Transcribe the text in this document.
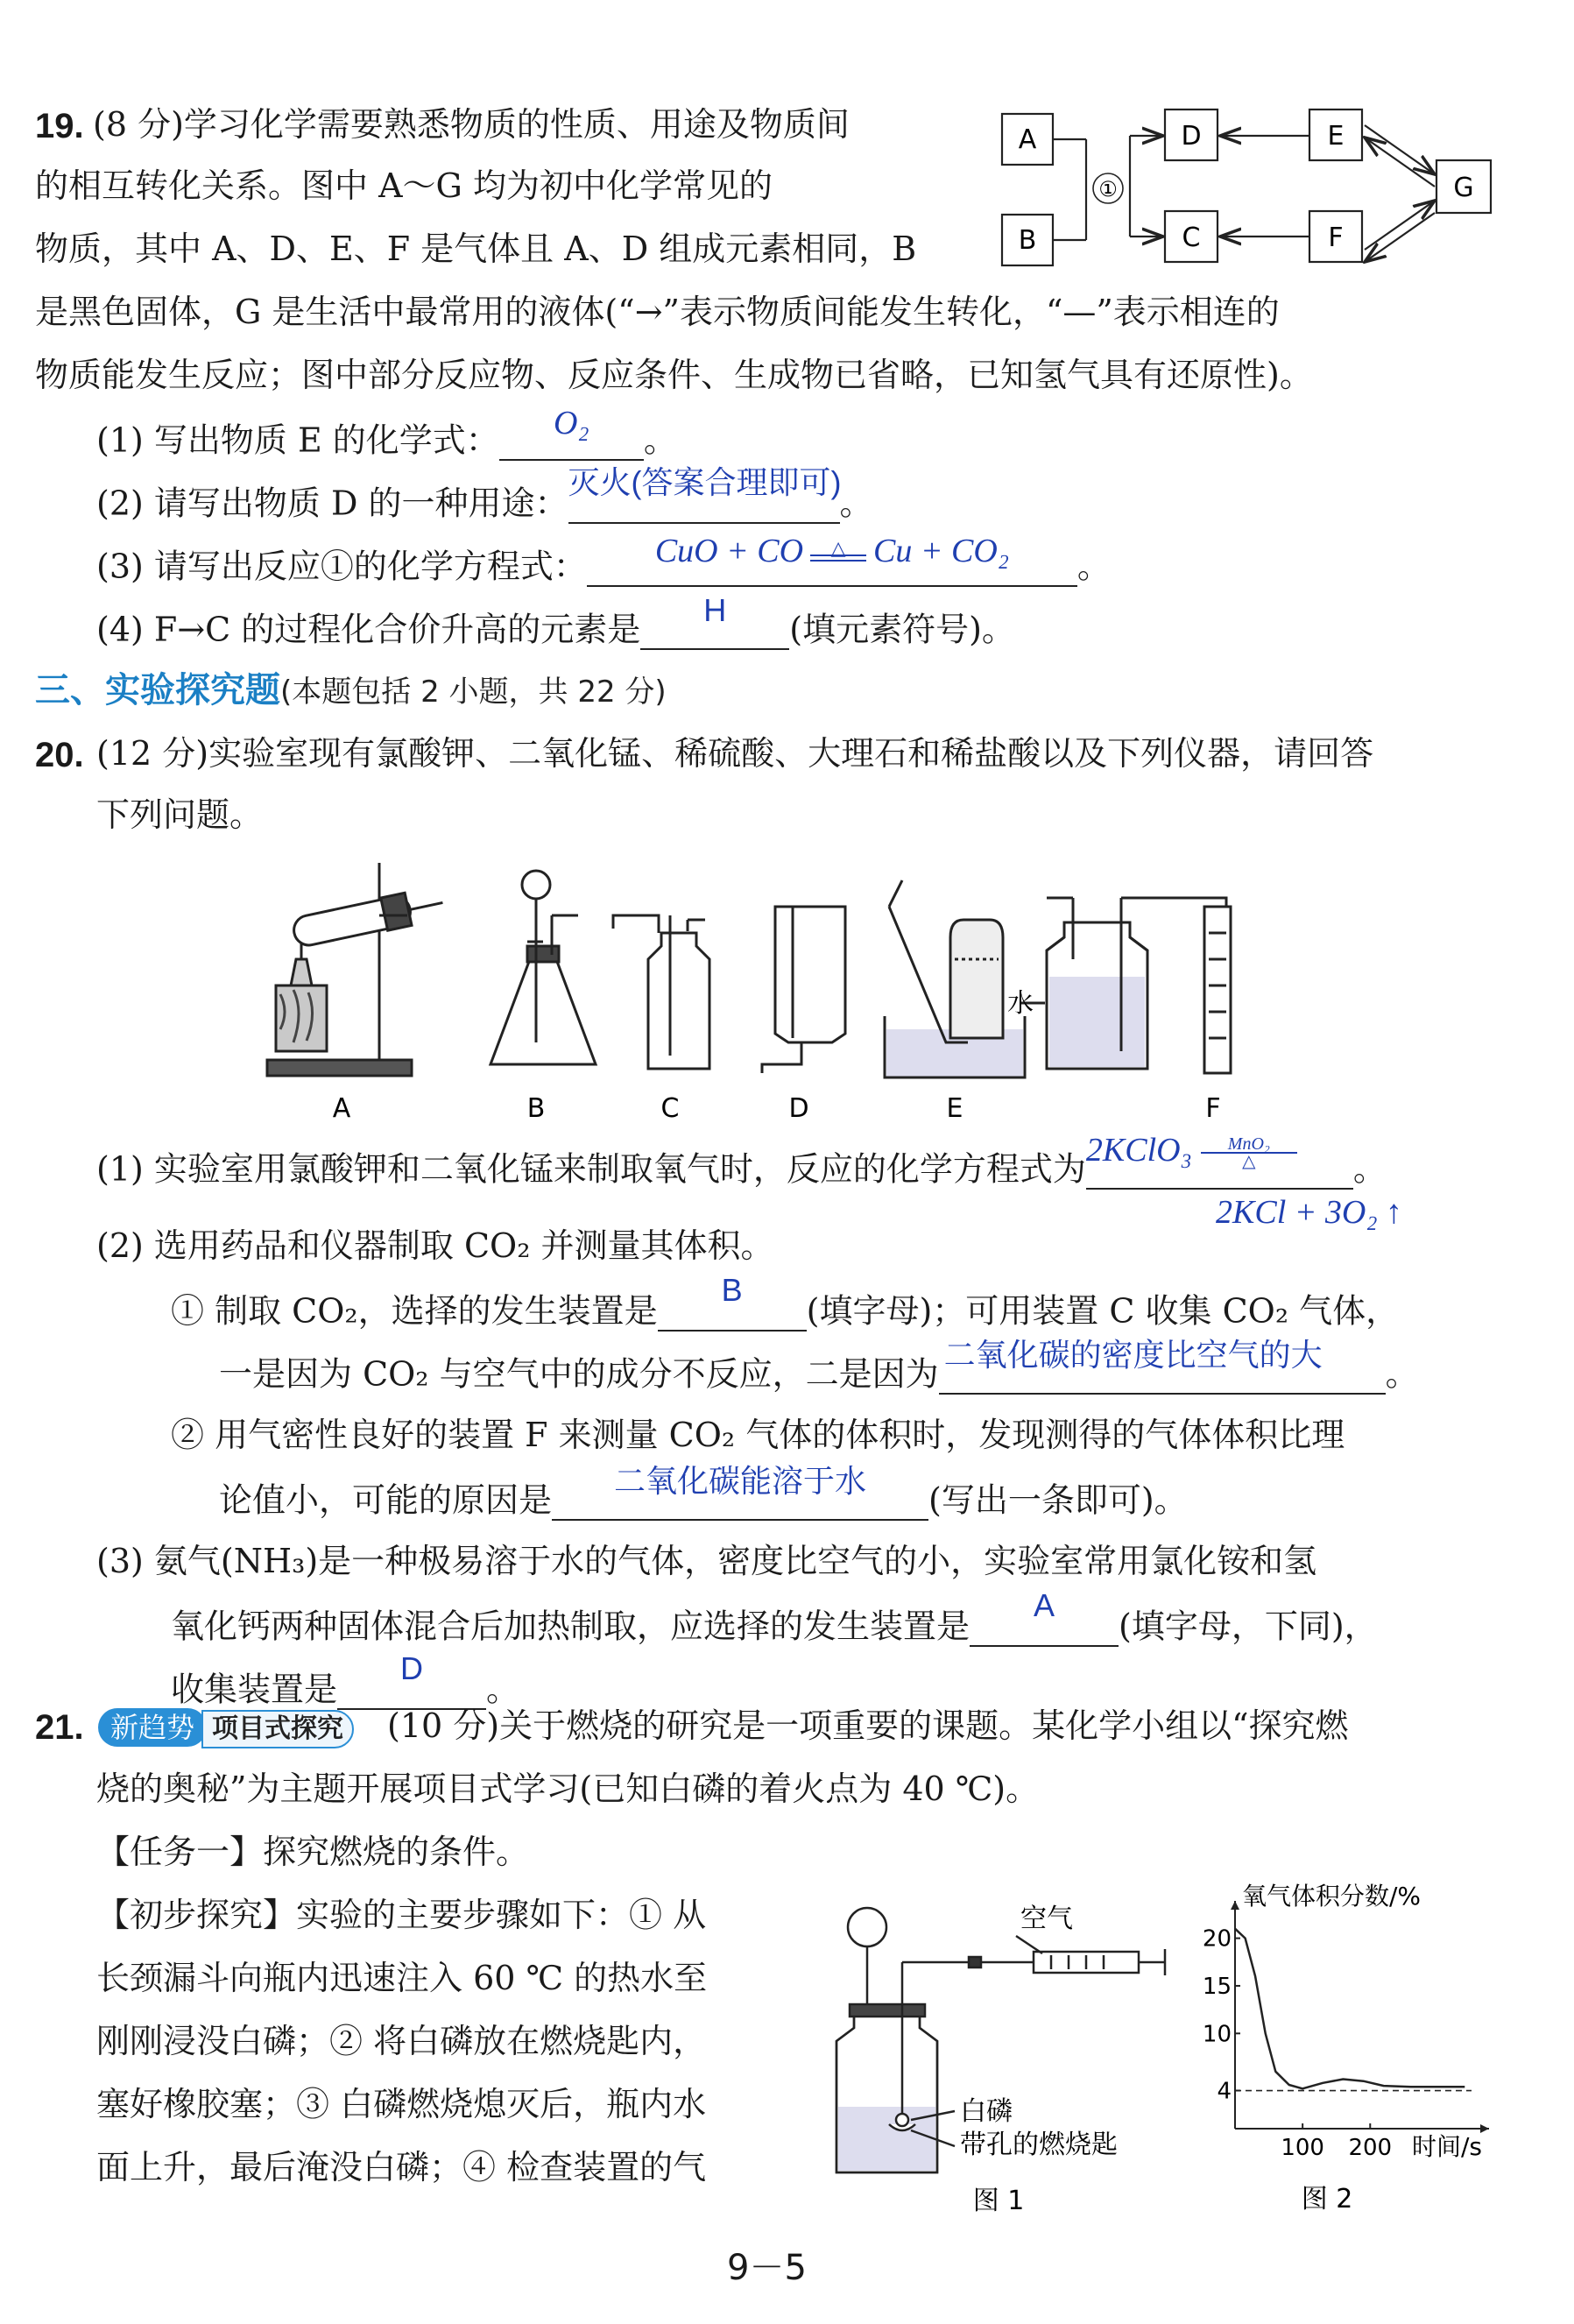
19. (8 分)学习化学需要熟悉物质的性质、用途及物质间
的相互转化关系。图中 A～G 均为初中化学常见的
物质，其中 A、D、E、F 是气体且 A、D 组成元素相同，B
是黑色固体，G 是生活中最常用的液体(“→”表示物质间能发生转化，“—”表示相连的
物质能发生反应；图中部分反应物、反应条件、生成物已省略，已知氢气具有还原性)。
①
A
B
D
C
E
F
G
(1) 写出物质 E 的化学式： O₂ 。
(2) 请写出物质 D 的一种用途：灭火(答案合理即可)。
(3) 请写出反应①的化学方程式： CuO + CO △ Cu + CO₂ 。
(4) F→C 的过程化合价升高的元素是 H (填元素符号)。
三、实验探究题(本题包括 2 小题，共 22 分)
20. (12 分)实验室现有氯酸钾、二氧化锰、稀硫酸、大理石和稀盐酸以及下列仪器，请回答
下列问题。
水
A	B	C	D	E	F
(1) 实验室用氯酸钾和二氧化锰来制取氧气时，反应的化学方程式为2KClO₃ MnO₂

△	。
2KCl + 3O₂ ↑
(2) 选用药品和仪器制取 CO₂ 并测量其体积。
① 制取 CO₂，选择的发生装置是B(填字母)；可用装置 C 收集 CO₂ 气体，
一是因为 CO₂ 与空气中的成分不反应，二是因为 二氧化碳的密度比空气的大 。
② 用气密性良好的装置 F 来测量 CO₂ 气体的体积时，发现测得的气体体积比理
论值小，可能的原因是 二氧化碳能溶于水 (写出一条即可)。
(3) 氨气(NH₃)是一种极易溶于水的气体，密度比空气的小，实验室常用氯化铵和氢
氧化钙两种固体混合后加热制取，应选择的发生装置是A(填字母，下同)，
收集装置是D。
21. 新趋势 项目式探究	(10 分)关于燃烧的研究是一项重要的课题。某化学小组以“探究燃
烧的奥秘”为主题开展项目式学习(已知白磷的着火点为 40 ℃)。
【任务一】探究燃烧的条件。
【初步探究】实验的主要步骤如下：① 从
长颈漏斗向瓶内迅速注入 60 ℃ 的热水至
刚刚浸没白磷；② 将白磷放在燃烧匙内，
塞好橡胶塞；③ 白磷燃烧熄灭后，瓶内水
面上升，最后淹没白磷；④ 检查装置的气
空气
白磷
带孔的燃烧匙
图 1
氧气体积分数/%
时间/s
图 2
4
10
15
20
100 200
9－5
